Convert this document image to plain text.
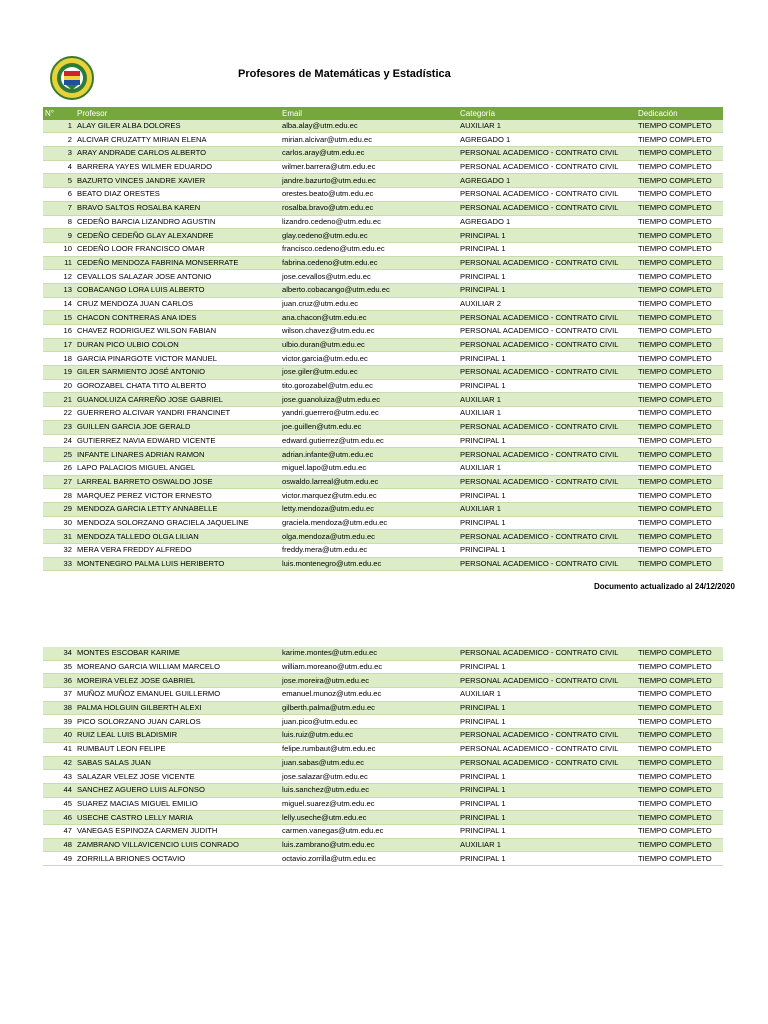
Profesores de Matemáticas y Estadística
N°	Profesor	Email	Categoría	Dedicación
1	ALAY GILER ALBA DOLORES	alba.alay@utm.edu.ec	AUXILIAR 1	TIEMPO COMPLETO
2	ALCIVAR CRUZATTY MIRIAN ELENA	mirian.alcivar@utm.edu.ec	AGREGADO 1	TIEMPO COMPLETO
3	ARAY ANDRADE CARLOS ALBERTO	carlos.aray@utm.edu.ec	PERSONAL ACADEMICO - CONTRATO CIVIL	TIEMPO COMPLETO
4	BARRERA YAYES WILMER EDUARDO	wilmer.barrera@utm.edu.ec	PERSONAL ACADEMICO - CONTRATO CIVIL	TIEMPO COMPLETO
5	BAZURTO VINCES JANDRE XAVIER	jandre.bazurto@utm.edu.ec	AGREGADO 1	TIEMPO COMPLETO
6	BEATO DIAZ ORESTES	orestes.beato@utm.edu.ec	PERSONAL ACADEMICO - CONTRATO CIVIL	TIEMPO COMPLETO
7	BRAVO SALTOS ROSALBA KAREN	rosalba.bravo@utm.edu.ec	PERSONAL ACADEMICO - CONTRATO CIVIL	TIEMPO COMPLETO
8	CEDEÑO BARCIA LIZANDRO AGUSTIN	lizandro.cedeno@utm.edu.ec	AGREGADO 1	TIEMPO COMPLETO
9	CEDEÑO CEDEÑO GLAY ALEXANDRE	glay.cedeno@utm.edu.ec	PRINCIPAL 1	TIEMPO COMPLETO
10	CEDEÑO LOOR FRANCISCO OMAR	francisco.cedeno@utm.edu.ec	PRINCIPAL 1	TIEMPO COMPLETO
11	CEDEÑO MENDOZA FABRINA MONSERRATE	fabrina.cedeno@utm.edu.ec	PERSONAL ACADEMICO - CONTRATO CIVIL	TIEMPO COMPLETO
12	CEVALLOS SALAZAR JOSE ANTONIO	jose.cevallos@utm.edu.ec	PRINCIPAL 1	TIEMPO COMPLETO
13	COBACANGO LORA LUIS ALBERTO	alberto.cobacango@utm.edu.ec	PRINCIPAL 1	TIEMPO COMPLETO
14	CRUZ MENDOZA JUAN CARLOS	juan.cruz@utm.edu.ec	AUXILIAR 2	TIEMPO COMPLETO
15	CHACON CONTRERAS ANA IDES	ana.chacon@utm.edu.ec	PERSONAL ACADEMICO - CONTRATO CIVIL	TIEMPO COMPLETO
16	CHAVEZ RODRIGUEZ WILSON FABIAN	wilson.chavez@utm.edu.ec	PERSONAL ACADEMICO - CONTRATO CIVIL	TIEMPO COMPLETO
17	DURAN PICO ULBIO COLON	ulbio.duran@utm.edu.ec	PERSONAL ACADEMICO - CONTRATO CIVIL	TIEMPO COMPLETO
18	GARCIA PINARGOTE VICTOR MANUEL	victor.garcia@utm.edu.ec	PRINCIPAL 1	TIEMPO COMPLETO
19	GILER SARMIENTO JOSÉ ANTONIO	jose.giler@utm.edu.ec	PERSONAL ACADEMICO - CONTRATO CIVIL	TIEMPO COMPLETO
20	GOROZABEL CHATA TITO ALBERTO	tito.gorozabel@utm.edu.ec	PRINCIPAL 1	TIEMPO COMPLETO
21	GUANOLUIZA CARREÑO JOSE GABRIEL	jose.guanoluiza@utm.edu.ec	AUXILIAR 1	TIEMPO COMPLETO
22	GUERRERO ALCIVAR YANDRI FRANCINET	yandri.guerrero@utm.edu.ec	AUXILIAR 1	TIEMPO COMPLETO
23	GUILLEN GARCIA JOE GERALD	joe.guillen@utm.edu.ec	PERSONAL ACADEMICO - CONTRATO CIVIL	TIEMPO COMPLETO
24	GUTIERREZ NAVIA EDWARD VICENTE	edward.gutierrez@utm.edu.ec	PRINCIPAL 1	TIEMPO COMPLETO
25	INFANTE LINARES ADRIAN RAMON	adrian.infante@utm.edu.ec	PERSONAL ACADEMICO - CONTRATO CIVIL	TIEMPO COMPLETO
26	LAPO PALACIOS MIGUEL ANGEL	miguel.lapo@utm.edu.ec	AUXILIAR 1	TIEMPO COMPLETO
27	LARREAL BARRETO OSWALDO JOSE	oswaldo.larreal@utm.edu.ec	PERSONAL ACADEMICO - CONTRATO CIVIL	TIEMPO COMPLETO
28	MARQUEZ PEREZ VICTOR ERNESTO	victor.marquez@utm.edu.ec	PRINCIPAL 1	TIEMPO COMPLETO
29	MENDOZA GARCIA LETTY ANNABELLE	letty.mendoza@utm.edu.ec	AUXILIAR 1	TIEMPO COMPLETO
30	MENDOZA SOLORZANO GRACIELA JAQUELINE	graciela.mendoza@utm.edu.ec	PRINCIPAL 1	TIEMPO COMPLETO
31	MENDOZA TALLEDO OLGA LILIAN	olga.mendoza@utm.edu.ec	PERSONAL ACADEMICO - CONTRATO CIVIL	TIEMPO COMPLETO
32	MERA VERA FREDDY ALFREDO	freddy.mera@utm.edu.ec	PRINCIPAL 1	TIEMPO COMPLETO
33	MONTENEGRO PALMA LUIS HERIBERTO	luis.montenegro@utm.edu.ec	PERSONAL ACADEMICO - CONTRATO CIVIL	TIEMPO COMPLETO
Documento actualizado al 24/12/2020
34	MONTES ESCOBAR KARIME	karime.montes@utm.edu.ec	PERSONAL ACADEMICO - CONTRATO CIVIL	TIEMPO COMPLETO
35	MOREANO GARCIA WILLIAM MARCELO	william.moreano@utm.edu.ec	PRINCIPAL 1	TIEMPO COMPLETO
36	MOREIRA VELEZ JOSE GABRIEL	jose.moreira@utm.edu.ec	PERSONAL ACADEMICO - CONTRATO CIVIL	TIEMPO COMPLETO
37	MUÑOZ MUÑOZ EMANUEL GUILLERMO	emanuel.munoz@utm.edu.ec	AUXILIAR 1	TIEMPO COMPLETO
38	PALMA HOLGUIN GILBERTH ALEXI	gilberth.palma@utm.edu.ec	PRINCIPAL 1	TIEMPO COMPLETO
39	PICO SOLORZANO JUAN CARLOS	juan.pico@utm.edu.ec	PRINCIPAL 1	TIEMPO COMPLETO
40	RUIZ LEAL LUIS BLADISMIR	luis.ruiz@utm.edu.ec	PERSONAL ACADEMICO - CONTRATO CIVIL	TIEMPO COMPLETO
41	RUMBAUT LEON FELIPE	felipe.rumbaut@utm.edu.ec	PERSONAL ACADEMICO - CONTRATO CIVIL	TIEMPO COMPLETO
42	SABAS SALAS JUAN	juan.sabas@utm.edu.ec	PERSONAL ACADEMICO - CONTRATO CIVIL	TIEMPO COMPLETO
43	SALAZAR VELEZ JOSE VICENTE	jose.salazar@utm.edu.ec	PRINCIPAL 1	TIEMPO COMPLETO
44	SANCHEZ AGUERO LUIS ALFONSO	luis.sanchez@utm.edu.ec	PRINCIPAL 1	TIEMPO COMPLETO
45	SUAREZ MACIAS MIGUEL EMILIO	miguel.suarez@utm.edu.ec	PRINCIPAL 1	TIEMPO COMPLETO
46	USECHE CASTRO LELLY MARIA	lelly.useche@utm.edu.ec	PRINCIPAL 1	TIEMPO COMPLETO
47	VANEGAS ESPINOZA CARMEN JUDITH	carmen.vanegas@utm.edu.ec	PRINCIPAL 1	TIEMPO COMPLETO
48	ZAMBRANO VILLAVICENCIO LUIS CONRADO	luis.zambrano@utm.edu.ec	AUXILIAR 1	TIEMPO COMPLETO
49	ZORRILLA BRIONES OCTAVIO	octavio.zorrilla@utm.edu.ec	PRINCIPAL 1	TIEMPO COMPLETO
